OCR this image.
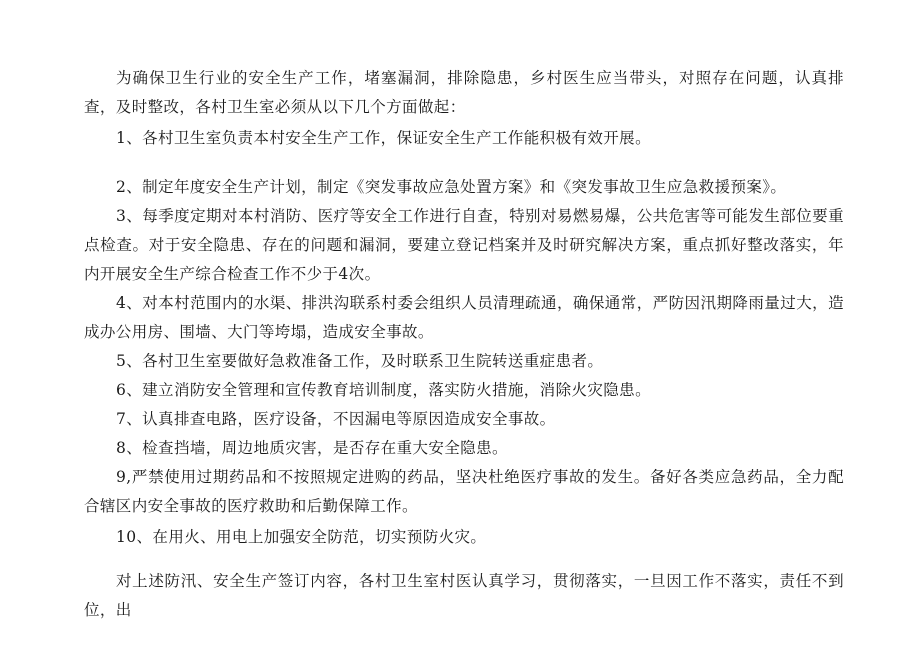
为确保卫生行业的安全生产工作，堵塞漏洞，排除隐患，乡村医生应当带头，对照存在问题，认真排查，及时整改，各村卫生室必须从以下几个方面做起：

1、各村卫生室负责本村安全生产工作，保证安全生产工作能积极有效开展。

2、制定年度安全生产计划，制定《突发事故应急处置方案》和《突发事故卫生应急救援预案》。

3、每季度定期对本村消防、医疗等安全工作进行自查，特别对易燃易爆，公共危害等可能发生部位要重点检查。对于安全隐患、存在的问题和漏洞，要建立登记档案并及时研究解决方案，重点抓好整改落实，年内开展安全生产综合检查工作不少于4次。

4、对本村范围内的水渠、排洪沟联系村委会组织人员清理疏通，确保通常，严防因汛期降雨量过大，造成办公用房、围墙、大门等垮塌，造成安全事故。

5、各村卫生室要做好急救准备工作，及时联系卫生院转送重症患者。

6、建立消防安全管理和宣传教育培训制度，落实防火措施，消除火灾隐患。

7、认真排查电路，医疗设备，不因漏电等原因造成安全事故。

8、检查挡墙，周边地质灾害，是否存在重大安全隐患。

9,严禁使用过期药品和不按照规定进购的药品，坚决杜绝医疗事故的发生。备好各类应急药品，全力配合辖区内安全事故的医疗救助和后勤保障工作。

10、在用火、用电上加强安全防范，切实预防火灾。

对上述防汛、安全生产签订内容，各村卫生室村医认真学习，贯彻落实，一旦因工作不落实，责任不到位，出
